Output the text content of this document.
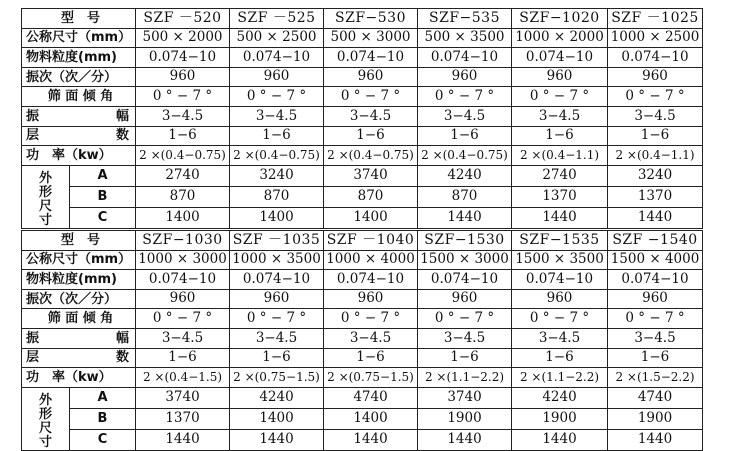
型　号		SZF －520	SZF －525	SZF−530	SZF−535	SZF−1020	SZF －1025
公称尺寸（mm）		500 × 2000	500 × 2500	500 × 3000	500 × 3500	1000 × 2000	1000 × 2500
物料粒度(mm)		0.074−10	0.074−10	0.074−10	0.074−10	0.074−10	0.074−10
振次（次／分）		960	960	960	960	960	960
筛 面 倾 角		0 ° − 7 °	0 ° − 7 °	0 ° − 7 °	0 ° − 7 °	0 ° − 7 °	0 ° − 7 °

振 幅		3−4.5	3−4.5	3−4.5	3−4.5	3−4.5	3−4.5

层 数		1−6	1−6	1−6	1−6	1−6	1−6
功　率（kw）		2 ×(0.4−0.75)	2 ×(0.4−0.75)	2 ×(0.4−0.75)	2 ×(0.4−0.75)	2 ×(0.4−1.1)	2 ×(0.4−1.1)

外
形
尺
寸	A	2740	3240	3740	4240	2740	3240
	B	870	870	870	870	1370	1370
	C	1400	1400	1400	1440	1440	1440
型　号		SZF−1030	SZF －1035	SZF －1040	SZF−1530	SZF−1535	SZF −1540
公称尺寸（mm）		1000 × 3000	1000 × 3500	1000 × 4000	1500 × 3000	1500 × 3500	1500 × 4000
物料粒度(mm)		0.074−10	0.074−10	0.074−10	0.074−10	0.074−10	0.074−10
振次（次／分）		960	960	960	960	960	960
筛 面 倾 角		0 ° − 7 °	0 ° − 7 °	0 ° − 7 °	0 ° − 7 °	0 ° − 7 °	0 ° − 7 °

振 幅		3−4.5	3−4.5	3−4.5	3−4.5	3−4.5	3−4.5

层 数		1−6	1−6	1−6	1−6	1−6	1−6
功　率（kw）		2 ×(0.4−1.5)	2 ×(0.75−1.5)	2 ×(0.75−1.5)	2 ×(1.1−2.2)	2 ×(1.1−2.2)	2 ×(1.5−2.2)

外
形
尺
寸	A	3740	4240	4740	3740	4240	4740
	B	1370	1400	1400	1900	1900	1900
	C	1440	1440	1440	1440	1440	1440
